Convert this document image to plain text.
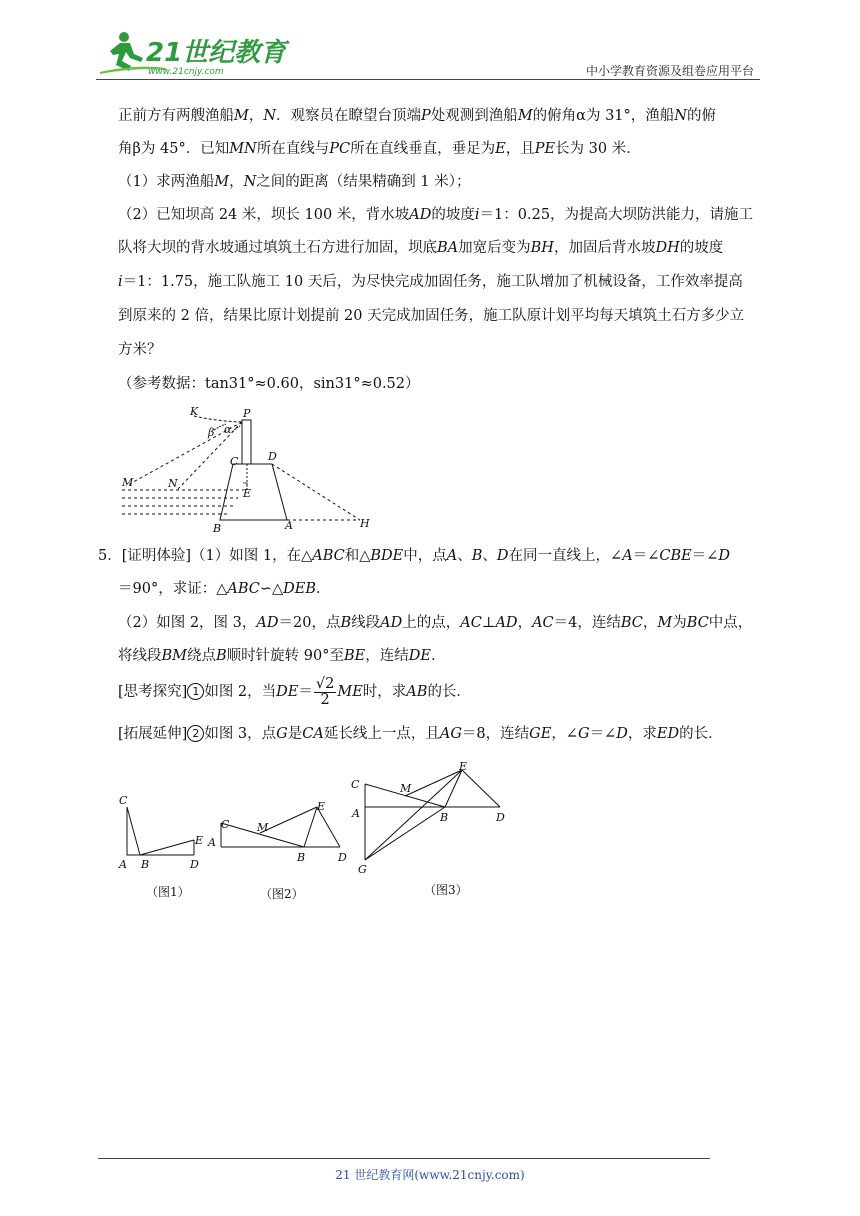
21世纪教育
www.21cnjy.com	中小学教育资源及组卷应用平台
正前方有两艘渔船M，N．观察员在瞭望台顶端P处观测到渔船M的俯角α为 31°，渔船N的俯
角β为 45°．已知MN所在直线与PC所在直线垂直，垂足为E，且PE长为 30 米．
（1）求两渔船M，N之间的距离（结果精确到 1 米）；
（2）已知坝高 24 米，坝长 100 米，背水坡AD的坡度i＝1：0.25，为提高大坝防洪能力，请施工
队将大坝的背水坡通过填筑土石方进行加固，坝底BA加宽后变为BH，加固后背水坡DH的坡度
i＝1：1.75，施工队施工 10 天后，为尽快完成加固任务，施工队增加了机械设备，工作效率提高
到原来的 2 倍，结果比原计划提前 20 天完成加固任务，施工队原计划平均每天填筑土石方多少立
方米？
（参考数据：tan31°≈0.60，sin31°≈0.52）
K	P
β α
C	D
E
M	N
B	A	H
5．[证明体验]（1）如图 1，在△ABC和△BDE中，点A、B、D在同一直线上，∠A＝∠CBE＝∠D
＝90°，求证：△ABC∽△DEB．
（2）如图 2，图 3，AD＝20，点B线段AD上的点，AC⊥AD，AC＝4，连结BC，M为BC中点，
将线段BM绕点B顺时针旋转 90°至BE，连结DE．
[思考探究] 1 如图 2，当$DE= \frac{√2}{2}$ ME时，求AB的长．
[拓展延伸] 2 如图 3，点G是CA延长线上一点，且AG＝8，连结GE，∠G＝∠D，求ED的长．
C
E
A B	D
C
A
M
E
B	D
C	M
E
A	B	D
G
（图1）	（图2）	（图3）
21 世纪教育网(www.21cnjy.com)
